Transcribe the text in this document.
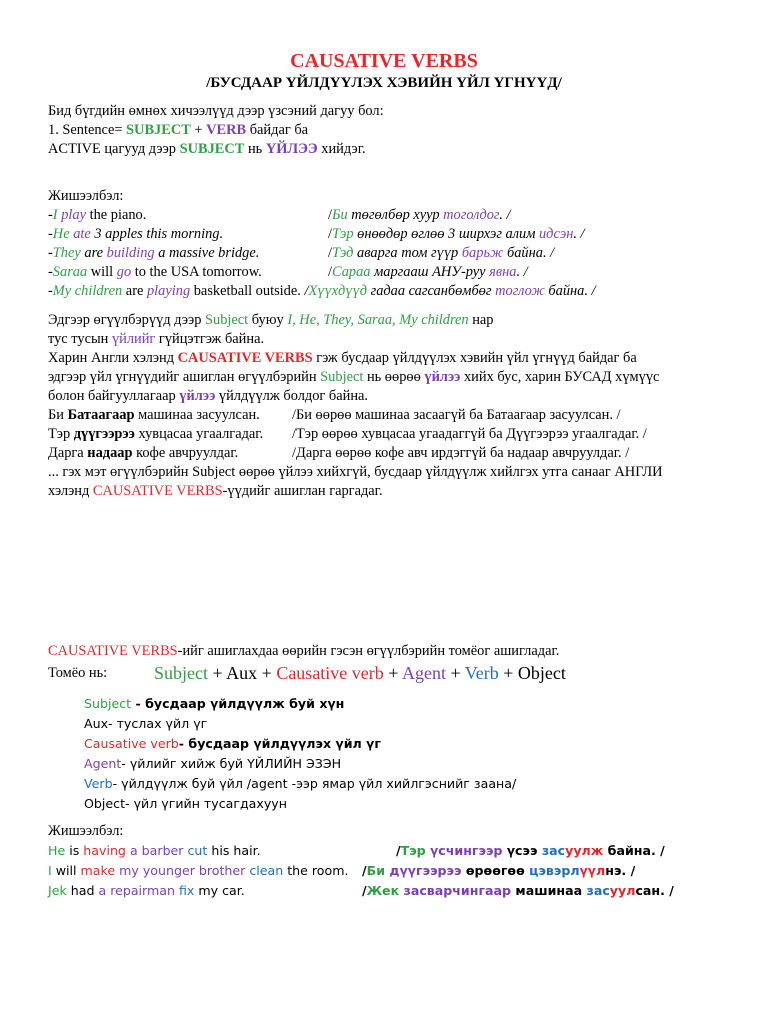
CAUSATIVE VERBS
/БУСДААР ҮЙЛДҮҮЛЭХ ХЭВИЙН ҮЙЛ ҮГНҮҮД/
Бид бүгдийн өмнөх хичээлүүд дээр үзсэний дагуу бол:
1. Sentence= SUBJECT + VERB байдаг ба
ACTIVE цагууд дээр SUBJECT нь ҮЙЛЭЭ хийдэг.
Жишээлбэл:
-I play the piano.	/Би төгөлбөр хуур тоголдог. /
-He ate 3 apples this morning.	/Тэр өнөөдөр өглөө 3 ширхэг алим идсэн. /
-They are building a massive bridge.	/Тэд аварга том гүүр барьж байна. /
-Saraa will go to the USA tomorrow.	/Сараа маргааш АНУ-руу явна. /
-My children are playing basketball outside. /Хүүхдүүд гадаа сагсанбөмбөг тоглож байна. /
Эдгээр өгүүлбэрүүд дээр Subject буюу I, He, They, Saraa, My children нар
тус тусын үйлийг гүйцэтгэж байна.
Харин Англи хэлэнд CAUSATIVE VERBS гэж бусдаар үйлдүүлэх хэвийн үйл үгнүүд байдаг ба
эдгээр үйл үгнүүдийг ашиглан өгүүлбэрийн Subject нь өөрөө үйлээ хийх бус, харин БУСАД хүмүүс
болон байгууллагаар үйлээ үйлдүүлж болдог байна.
Би Батаагаар машинаа засуулсан. /Би өөрөө машинаа засаагүй ба Батаагаар засуулсан. /
Тэр дүүгээрээ хувцасаа угаалгадаг. /Тэр өөрөө хувцасаа угаадаггүй ба Дүүгээрээ угаалгадаг. /
Дарга надаар кофе авчруулдаг.	/Дарга өөрөө кофе авч ирдэггүй ба надаар авчруулдаг. /
... гэх мэт өгүүлбэрийн Subject өөрөө үйлээ хийхгүй, бусдаар үйлдүүлж хийлгэх утга санааг АНГЛИ
хэлэнд CAUSATIVE VERBS-үүдийг ашиглан гаргадаг.
CAUSATIVE VERBS-ийг ашиглахдаа өөрийн гэсэн өгүүлбэрийн томёог ашигладаг.
Томёо нь:	Subject + Aux + Causative verb + Agent + Verb + Object
Subject - бусдаар үйлдүүлж буй хүн
Aux- туслах үйл үг
Causative verb- бусдаар үйлдүүлэх үйл үг
Agent- үйлийг хийж буй ҮЙЛИЙН ЭЗЭН
Verb- үйлдүүлж буй үйл /agent -ээр ямар үйл хийлгэснийг заана/
Object- үйл үгийн тусагдахуун
Жишээлбэл:
He is having a barber cut his hair.	/Тэр үсчингээр үсээ засуулж байна. /
I will make my younger brother clean the room. /Би дүүгээрээ өрөөгөө цэвэрлүүлнэ. /
Jek had a repairman fix my car.	/Жек засварчингаар машинаа засуулсан. /
